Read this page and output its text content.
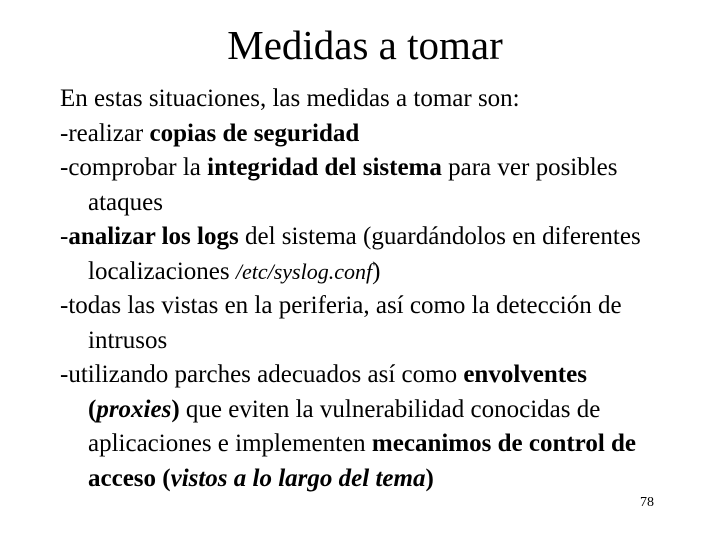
Medidas a tomar

En estas situaciones, las medidas a tomar son:

-realizar copias de seguridad

-comprobar la integridad del sistema para ver posibles ataques

-analizar los logs del sistema (guardándolos en diferentes localizaciones /etc/syslog.conf)

-todas las vistas en la periferia, así como la detección de intrusos

-utilizando parches adecuados así como envolventes (proxies) que eviten la vulnerabilidad conocidas de aplicaciones e implementen mecanimos de control de acceso (vistos a lo largo del tema)

78
